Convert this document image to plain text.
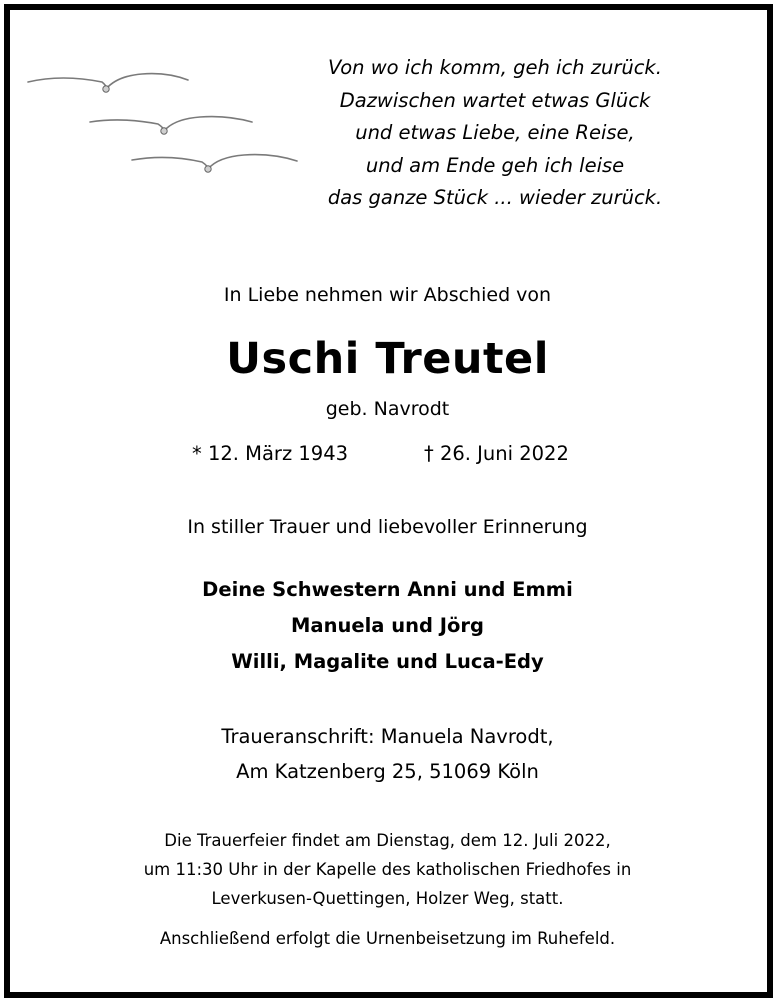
Von wo ich komm, geh ich zurück.
Dazwischen wartet etwas Glück
und etwas Liebe, eine Reise,
und am Ende geh ich leise
das ganze Stück ... wieder zurück.
In Liebe nehmen wir Abschied von
Uschi Treutel
geb. Navrodt
* 12. März 1943	† 26. Juni 2022
In stiller Trauer und liebevoller Erinnerung
Deine Schwestern Anni und Emmi
Manuela und Jörg
Willi, Magalite und Luca-Edy
Traueranschrift: Manuela Navrodt,
Am Katzenberg 25, 51069 Köln
Die Trauerfeier findet am Dienstag, dem 12. Juli 2022,
um 11:30 Uhr in der Kapelle des katholischen Friedhofes in
Leverkusen-Quettingen, Holzer Weg, statt.
Anschließend erfolgt die Urnenbeisetzung im Ruhefeld.
